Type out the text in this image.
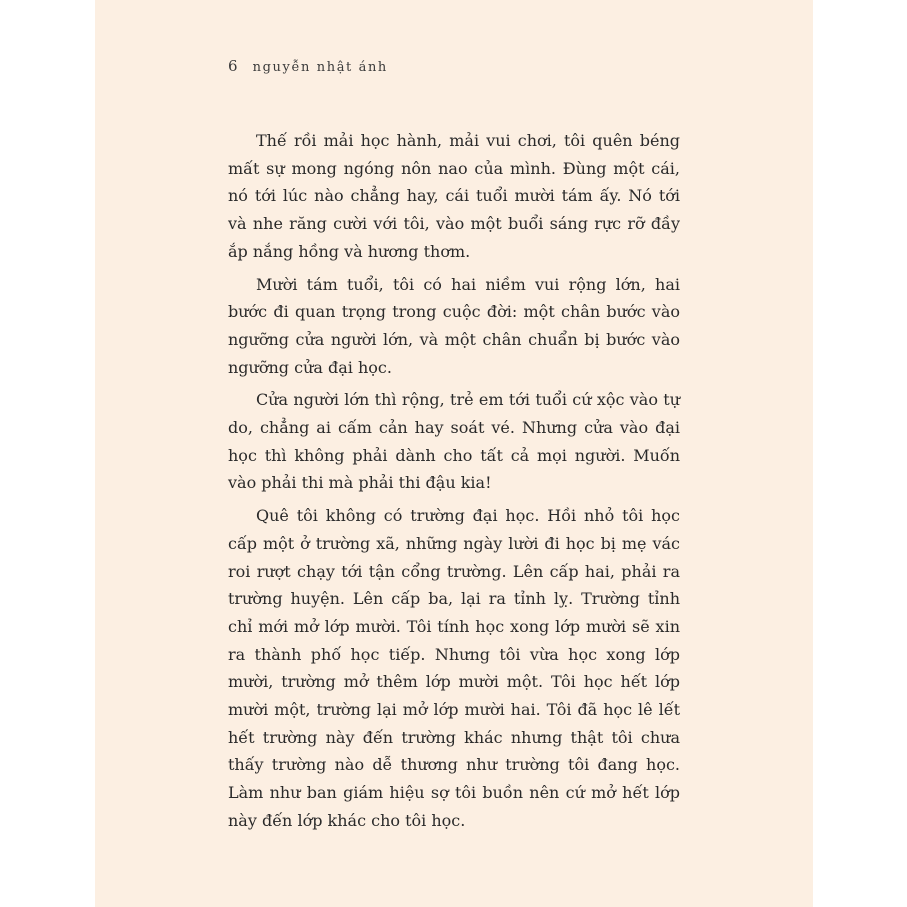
6 nguyễn nhật ánh

Thế rồi mải học hành, mải vui chơi, tôi quên béng mất sự mong ngóng nôn nao của mình. Đùng một cái, nó tới lúc nào chẳng hay, cái tuổi mười tám ấy. Nó tới và nhe răng cười với tôi, vào một buổi sáng rực rỡ đầy ắp nắng hồng và hương thơm.

Mười tám tuổi, tôi có hai niềm vui rộng lớn, hai bước đi quan trọng trong cuộc đời: một chân bước vào ngưỡng cửa người lớn, và một chân chuẩn bị bước vào ngưỡng cửa đại học.

Cửa người lớn thì rộng, trẻ em tới tuổi cứ xộc vào tự do, chẳng ai cấm cản hay soát vé. Nhưng cửa vào đại học thì không phải dành cho tất cả mọi người. Muốn vào phải thi mà phải thi đậu kia!

Quê tôi không có trường đại học. Hồi nhỏ tôi học cấp một ở trường xã, những ngày lười đi học bị mẹ vác roi rượt chạy tới tận cổng trường. Lên cấp hai, phải ra trường huyện. Lên cấp ba, lại ra tỉnh lỵ. Trường tỉnh chỉ mới mở lớp mười. Tôi tính học xong lớp mười sẽ xin ra thành phố học tiếp. Nhưng tôi vừa học xong lớp mười, trường mở thêm lớp mười một. Tôi học hết lớp mười một, trường lại mở lớp mười hai. Tôi đã học lê lết hết trường này đến trường khác nhưng thật tôi chưa thấy trường nào dễ thương như trường tôi đang học. Làm như ban giám hiệu sợ tôi buồn nên cứ mở hết lớp này đến lớp khác cho tôi học.
